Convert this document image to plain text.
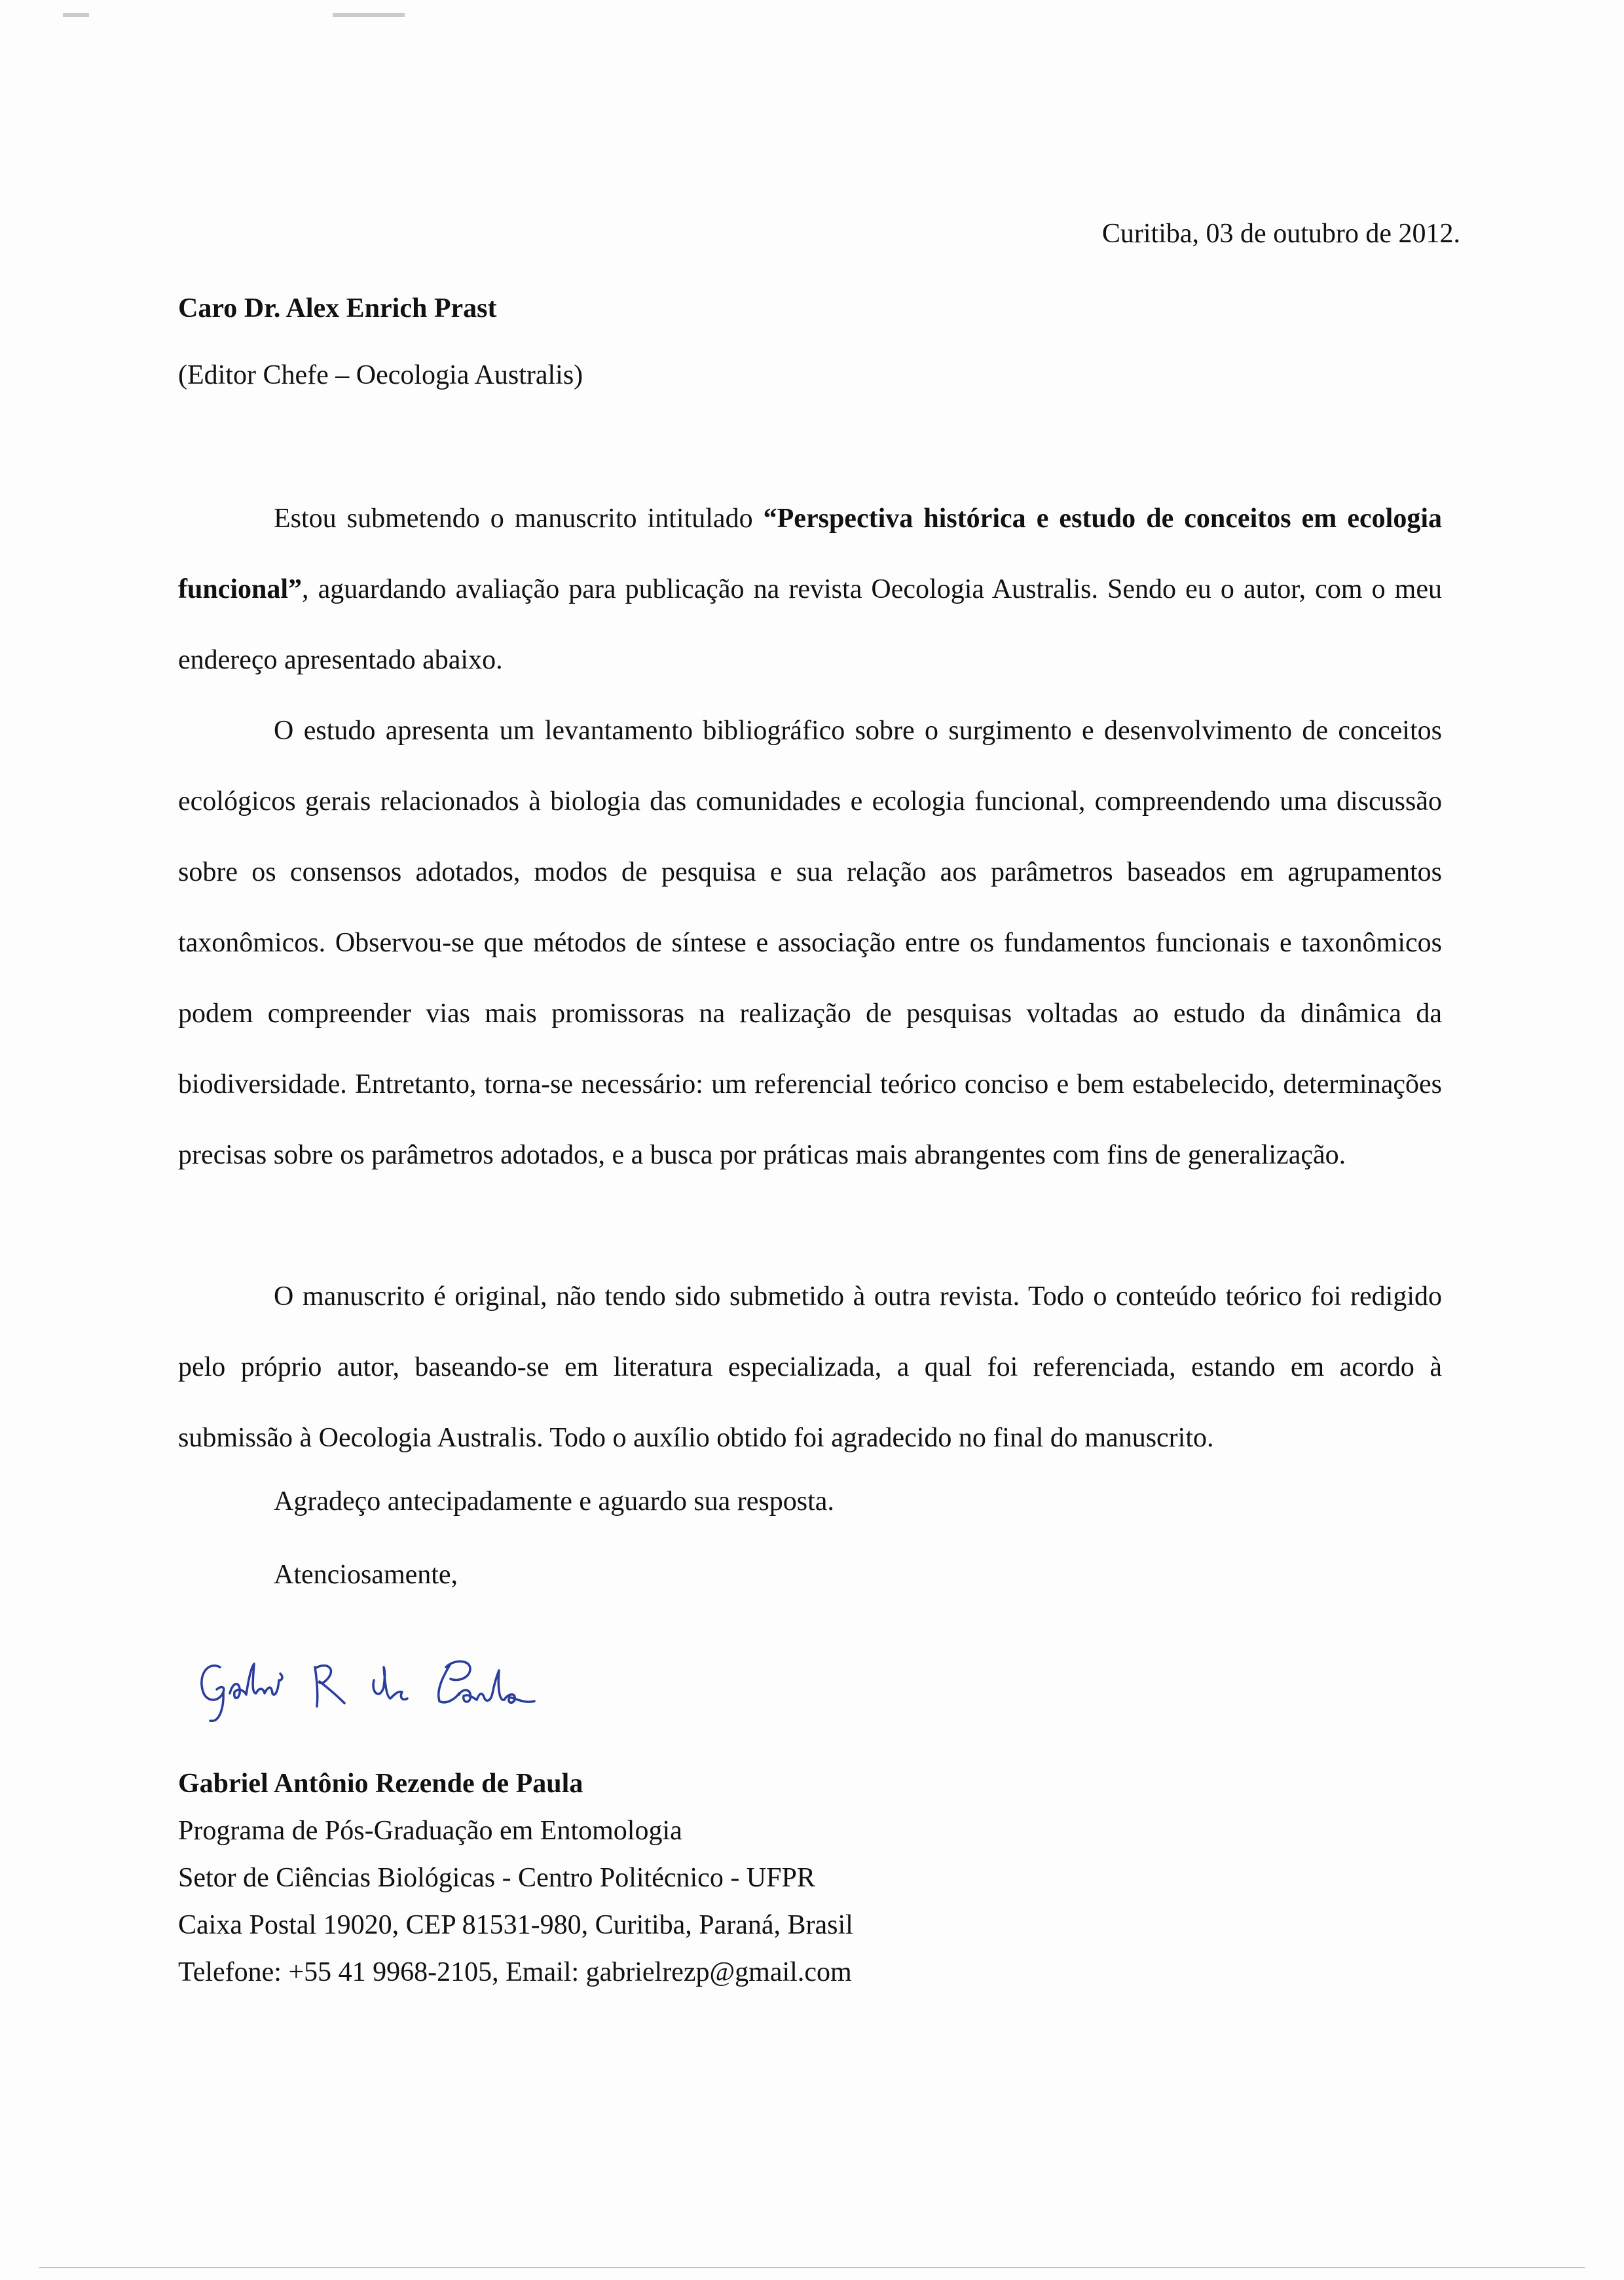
Curitiba, 03 de outubro de 2012.

Caro Dr. Alex Enrich Prast

(Editor Chefe – Oecologia Australis)

Estou submetendo o manuscrito intitulado “Perspectiva histórica e estudo de conceitos em ecologia funcional”, aguardando avaliação para publicação na revista Oecologia Australis. Sendo eu o autor, com o meu endereço apresentado abaixo.

O estudo apresenta um levantamento bibliográfico sobre o surgimento e desenvolvimento de conceitos ecológicos gerais relacionados à biologia das comunidades e ecologia funcional, compreendendo uma discussão sobre os consensos adotados, modos de pesquisa e sua relação aos parâmetros baseados em agrupamentos taxonômicos. Observou-se que métodos de síntese e associação entre os fundamentos funcionais e taxonômicos podem compreender vias mais promissoras na realização de pesquisas voltadas ao estudo da dinâmica da biodiversidade. Entretanto, torna-se necessário: um referencial teórico conciso e bem estabelecido, determinações precisas sobre os parâmetros adotados, e a busca por práticas mais abrangentes com fins de generalização.

O manuscrito é original, não tendo sido submetido à outra revista. Todo o conteúdo teórico foi redigido pelo próprio autor, baseando-se em literatura especializada, a qual foi referenciada, estando em acordo à submissão à Oecologia Australis. Todo o auxílio obtido foi agradecido no final do manuscrito.

Agradeço antecipadamente e aguardo sua resposta.

Atenciosamente,

Gabriel Antônio Rezende de Paula

Programa de Pós-Graduação em Entomologia

Setor de Ciências Biológicas - Centro Politécnico - UFPR

Caixa Postal 19020, CEP 81531-980, Curitiba, Paraná, Brasil

Telefone: +55 41 9968-2105, Email: gabrielrezp@gmail.com
